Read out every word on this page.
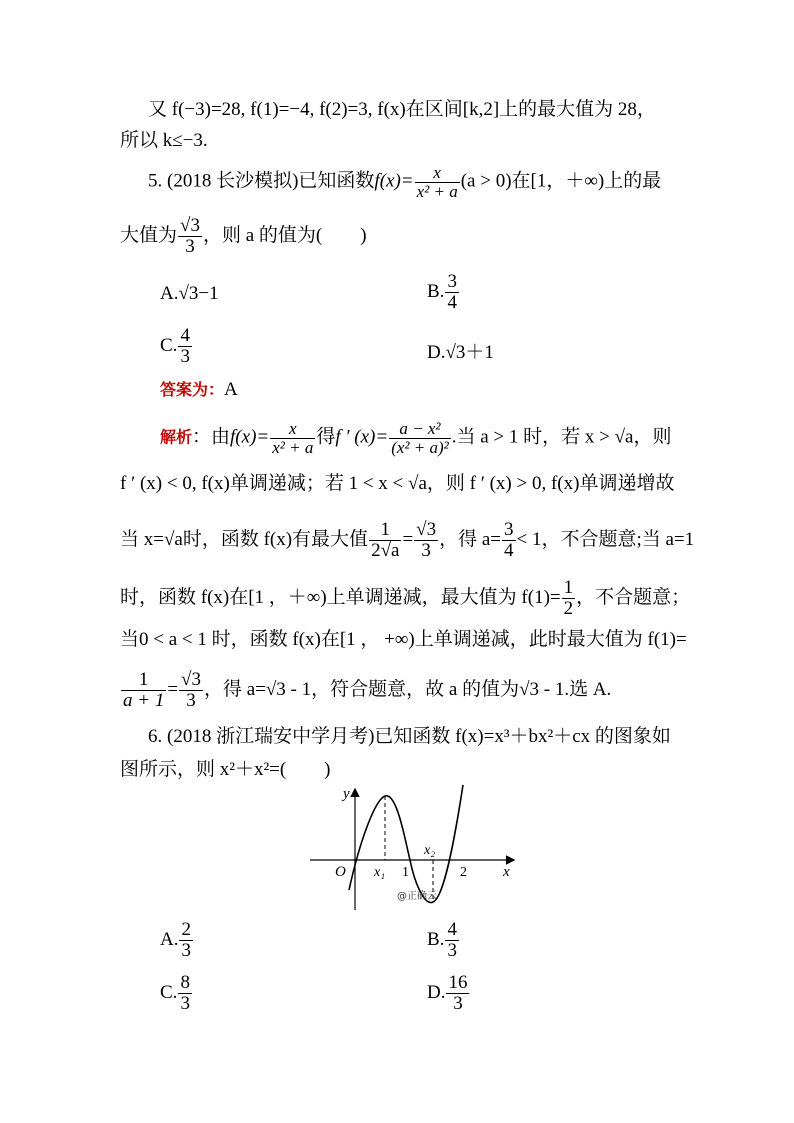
又 f(−3)=28, f(1)=−4, f(2)=3, f(x)在区间[k,2]上的最大值为 28，
所以 k≤−3.
5. (2018 长沙模拟)已知函数$f(x)= \frac{x}{\text{x² + a}} (a > 0)$在[1，＋∞)上的最
大值为 $\frac{√3}{3}$ ，则 a 的值为(　　)
A.√3−1	B. $\frac{3}{4}$
C. $\frac{4}{3}$	D.√3＋1
答案为：A
解析：由$f(x)= \frac{x}{\text{x² + a}}$ 得f ′ $(x)= \frac{\text{a − x²}}{\text{(x² + a)²}}$ .当 a > 1 时，若 x > √a，则
f ′ (x) < 0, f(x)单调递减；若 1 < x < √a，则 f ′ (x) > 0, f(x)单调递增故
当 x=√a时，函数 f(x)有最大值 $\frac{1}{2√a} = \frac{√3}{3}$ ，得 $a= \frac{3}{4} < 1$，不合题意;当 a=1
时，函数 f(x)在[1 ，＋∞)上单调递减，最大值为 $f(1)= \frac{1}{2}$ ，不合题意；
当0 < a < 1 时，函数 f(x)在[1 ， +∞)上单调递减，此时最大值为 f(1)=
$\frac{1}{a + 1} = \frac{√3}{3}$ ，得 a=√3 - 1，符合题意，故 a 的值为√3 - 1.选 A.
6. (2018 浙江瑞安中学月考)已知函数 f(x)=x³＋bx²＋cx 的图象如
图所示，则 x²＋x²=(　　)
y
x
O x₁
x₂
1	2
@正确云
A. $\frac{2}{3}$	B. $\frac{4}{3}$
C. $\frac{8}{3}$	D. $\frac{16}{3}$
